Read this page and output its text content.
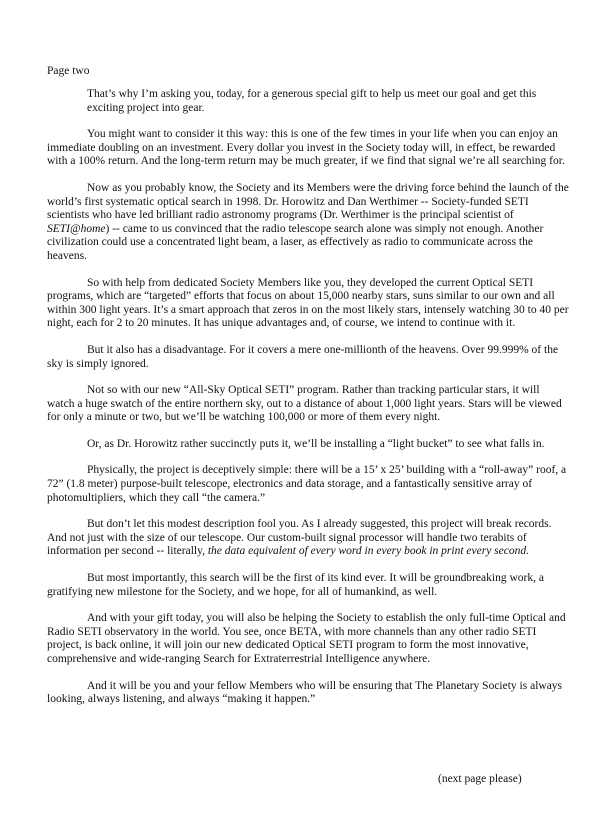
Page two

That’s why I’m asking you, today, for a generous special gift to help us meet our goal and get this exciting project into gear.

You might want to consider it this way: this is one of the few times in your life when you can enjoy an immediate doubling on an investment. Every dollar you invest in the Society today will, in effect, be rewarded with a 100% return. And the long-term return may be much greater, if we find that signal we’re all searching for.

Now as you probably know, the Society and its Members were the driving force behind the launch of the world’s first systematic optical search in 1998. Dr. Horowitz and Dan Werthimer -- Society-funded SETI scientists who have led brilliant radio astronomy programs (Dr. Werthimer is the principal scientist of SETI@home) -- came to us convinced that the radio telescope search alone was simply not enough. Another civilization could use a concentrated light beam, a laser, as effectively as radio to communicate across the heavens.

So with help from dedicated Society Members like you, they developed the current Optical SETI programs, which are “targeted” efforts that focus on about 15,000 nearby stars, suns similar to our own and all within 300 light years. It’s a smart approach that zeros in on the most likely stars, intensely watching 30 to 40 per night, each for 2 to 20 minutes. It has unique advantages and, of course, we intend to continue with it.

But it also has a disadvantage. For it covers a mere one-millionth of the heavens. Over 99.999% of the sky is simply ignored.

Not so with our new “All-Sky Optical SETI” program. Rather than tracking particular stars, it will watch a huge swatch of the entire northern sky, out to a distance of about 1,000 light years. Stars will be viewed for only a minute or two, but we’ll be watching 100,000 or more of them every night.

Or, as Dr. Horowitz rather succinctly puts it, we’ll be installing a “light bucket” to see what falls in.

Physically, the project is deceptively simple: there will be a 15’ x 25’ building with a “roll-away” roof, a 72” (1.8 meter) purpose-built telescope, electronics and data storage, and a fantastically sensitive array of photomultipliers, which they call “the camera.”

But don’t let this modest description fool you. As I already suggested, this project will break records. And not just with the size of our telescope. Our custom-built signal processor will handle two terabits of information per second -- literally, the data equivalent of every word in every book in print every second.

But most importantly, this search will be the first of its kind ever. It will be groundbreaking work, a gratifying new milestone for the Society, and we hope, for all of humankind, as well.

And with your gift today, you will also be helping the Society to establish the only full-time Optical and Radio SETI observatory in the world. You see, once BETA, with more channels than any other radio SETI project, is back online, it will join our new dedicated Optical SETI program to form the most innovative, comprehensive and wide-ranging Search for Extraterrestrial Intelligence anywhere.

And it will be you and your fellow Members who will be ensuring that The Planetary Society is always looking, always listening, and always “making it happen.”

(next page please)
